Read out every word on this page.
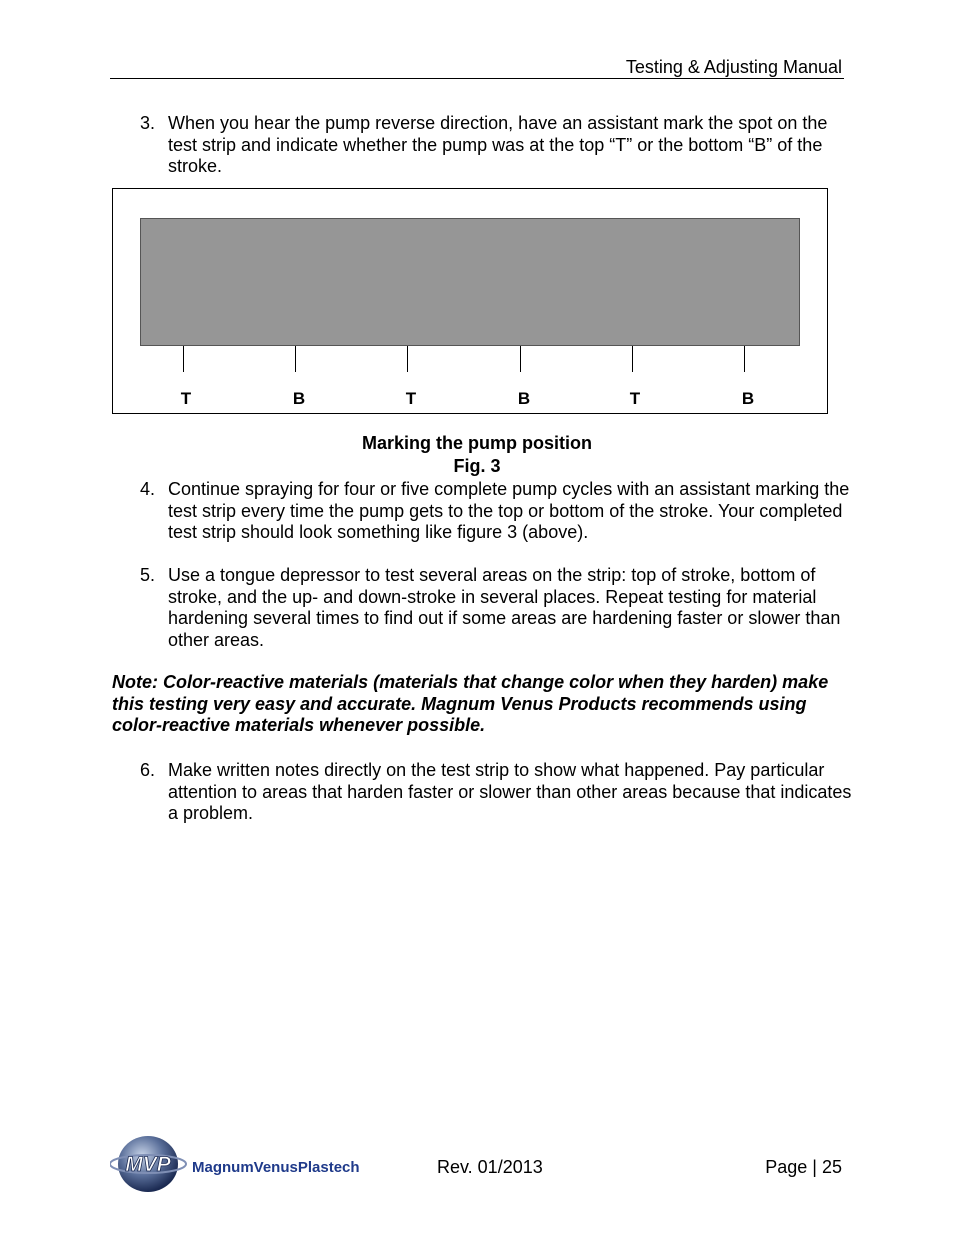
Testing & Adjusting Manual
3. When you hear the pump reverse direction, have an assistant mark the spot on the test strip and indicate whether the pump was at the top “T” or the bottom “B” of the stroke.
T	B	T	B	T	B
Marking the pump position
Fig. 3
4. Continue spraying for four or five complete pump cycles with an assistant marking the test strip every time the pump gets to the top or bottom of the stroke. Your completed test strip should look something like figure 3 (above).
5. Use a tongue depressor to test several areas on the strip: top of stroke, bottom of stroke, and the up- and down-stroke in several places. Repeat testing for material hardening several times to find out if some areas are hardening faster or slower than other areas.
Note: Color-reactive materials (materials that change color when they harden) make this testing very easy and accurate. Magnum Venus Products recommends using color-reactive materials whenever possible.
6. Make written notes directly on the test strip to show what happened. Pay particular attention to areas that harden faster or slower than other areas because that indicates a problem.
MVP MagnumVenusPlastech	Rev. 01/2013	Page | 25
